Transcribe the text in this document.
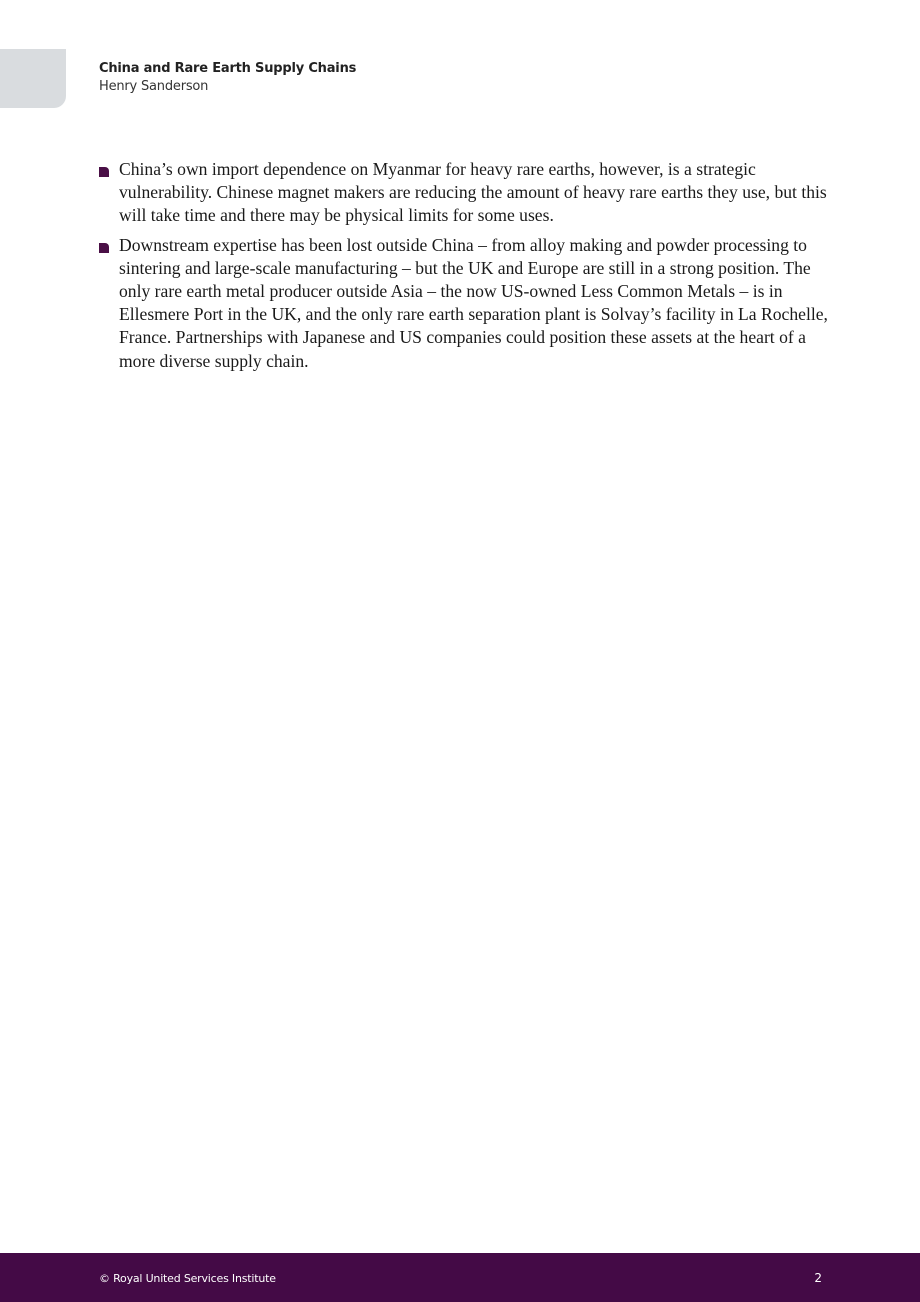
China and Rare Earth Supply Chains
Henry Sanderson
China’s own import dependence on Myanmar for heavy rare earths, however, is a strategic vulnerability. Chinese magnet makers are reducing the amount of heavy rare earths they use, but this will take time and there may be physical limits for some uses.
Downstream expertise has been lost outside China – from alloy making and powder processing to sintering and large-scale manufacturing – but the UK and Europe are still in a strong position. The only rare earth metal producer outside Asia – the now US-owned Less Common Metals – is in Ellesmere Port in the UK, and the only rare earth separation plant is Solvay’s facility in La Rochelle, France. Partnerships with Japanese and US companies could position these assets at the heart of a more diverse supply chain.
© Royal United Services Institute	2
